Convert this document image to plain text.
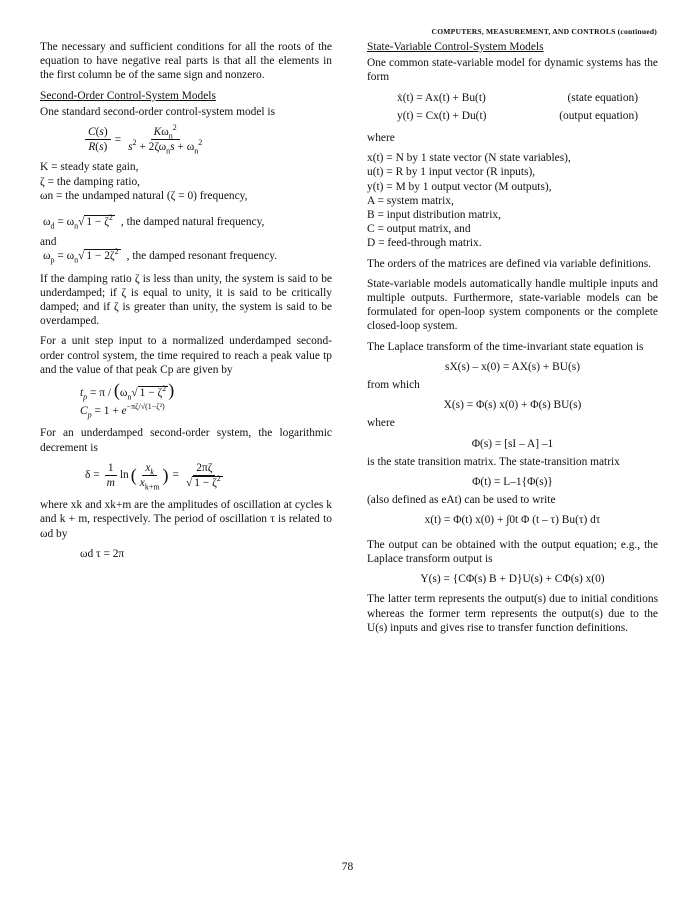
COMPUTERS, MEASUREMENT, AND CONTROLS (continued)

The necessary and sufficient conditions for all the roots of the equation to have negative real parts is that all the elements in the first column be of the same sign and nonzero.

Second-Order Control-System Models

One standard second-order control-system model is

$\frac{C(s)}{R(s)} = \frac{K\omega_n^2}{s^2 + 2\zeta\omega_ns + \omega_n^2}$
K = steady state gain,
ζ = the damping ratio,
ωn = the undamped natural (ζ = 0) frequency,
$\omega_d = \omega_n√$ $1 - \zeta^2$ , the damped natural frequency,
and
$\omega_p = \omega_n√$ $1 - 2\zeta^2$ , the damped resonant frequency.

If the damping ratio ζ is less than unity, the system is said to be underdamped; if ζ is equal to unity, it is said to be critically damped; and if ζ is greater than unity, the system is said to be overdamped.

For a unit step input to a normalized underdamped second-order control system, the time required to reach a peak value tp and the value of that peak Cp are given by

$t_p = \pi / (\omega_n√$ $1 - \zeta^2$ )
$C_p = 1 + e^{-\pi\zeta/√(1-\zeta^2)}$

For an underdamped second-order system, the logarithmic decrement is

$\delta = \frac{1}{m}$ ln ( $\frac{x_k}{x_{k+m}}$ ) = $\frac{2\pi\zeta}{√ 1 - \zeta^2}$

where xk and xk+m are the amplitudes of oscillation at cycles k and k + m, respectively. The period of oscillation τ is related to ωd by

ωd τ = 2π

State-Variable Control-System Models

One common state-variable model for dynamic systems has the form

ẋ(t) = Ax(t) + Bu(t)	(state equation)
y(t) = Cx(t) + Du(t)	(output equation)

where

x(t) = N by 1 state vector (N state variables),
u(t) = R by 1 input vector (R inputs),
y(t) = M by 1 output vector (M outputs),
A = system matrix,
B = input distribution matrix,
C = output matrix, and
D = feed-through matrix.

The orders of the matrices are defined via variable definitions.

State-variable models automatically handle multiple inputs and multiple outputs. Furthermore, state-variable models can be formulated for open-loop system components or the complete closed-loop system.

The Laplace transform of the time-invariant state equation is

sX(s) – x(0) = AX(s) + BU(s)

from which

X(s) = Φ(s) x(0) + Φ(s) BU(s)

where

Φ(s) = [sI – A] –1

is the state transition matrix. The state-transition matrix

Φ(t) = L–1{Φ(s)}

(also defined as eAt) can be used to write

x(t) = Φ(t) x(0) + ∫0t Φ (t – τ) Bu(τ) dτ

The output can be obtained with the output equation; e.g., the Laplace transform output is

Y(s) = {CΦ(s) B + D}U(s) + CΦ(s) x(0)

The latter term represents the output(s) due to initial conditions whereas the former term represents the output(s) due to the U(s) inputs and gives rise to transfer function definitions.

78
